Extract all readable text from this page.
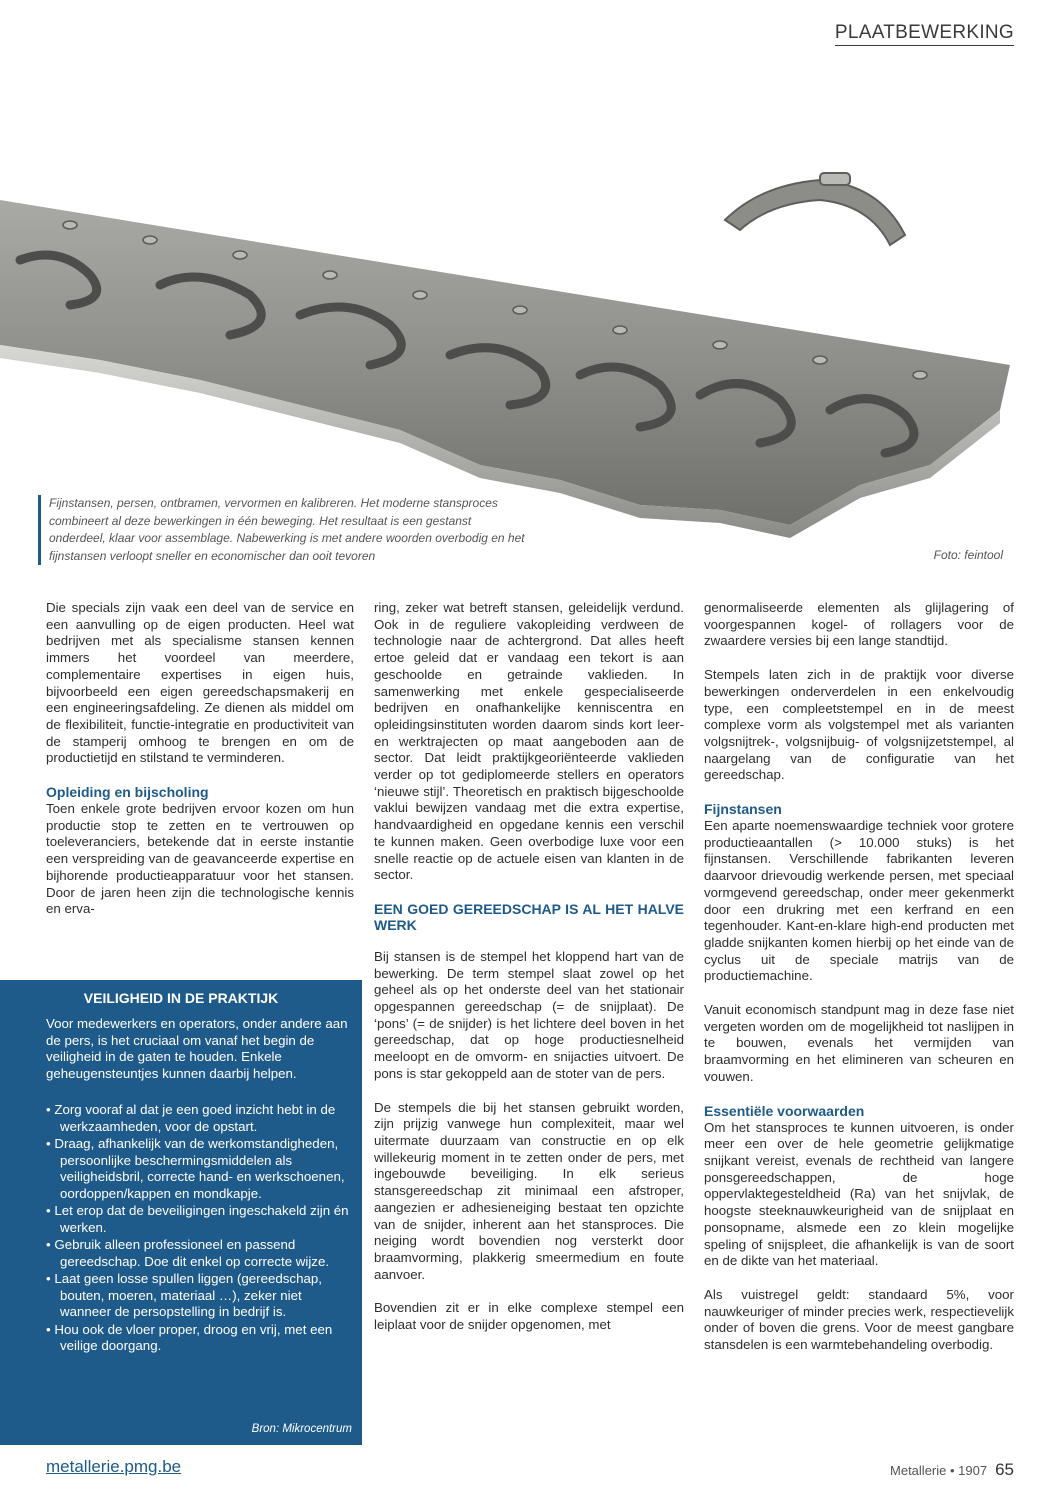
PLAATBEWERKING
Fijnstansen, persen, ontbramen, vervormen en kalibreren. Het moderne stansproces combineert al deze bewerkingen in één beweging. Het resultaat is een gestanst onderdeel, klaar voor assemblage. Nabewerking is met andere woorden overbodig en het fijnstansen verloopt sneller en economischer dan ooit tevoren	Foto: feintool

Die specials zijn vaak een deel van de service en een aanvulling op de eigen producten. Heel wat bedrijven met als specialisme stansen kennen immers het voordeel van meerdere, complementaire expertises in eigen huis, bijvoorbeeld een eigen gereedschapsmakerij en een engineeringsafdeling. Ze dienen als middel om de flexibiliteit, functie-integratie en productiviteit van de stamperij omhoog te brengen en om de productietijd en stilstand te verminderen.

Opleiding en bijscholing

Toen enkele grote bedrijven ervoor kozen om hun productie stop te zetten en te vertrouwen op toeleveranciers, betekende dat in eerste instantie een verspreiding van de geavanceerde expertise en bijhorende productieapparatuur voor het stansen. Door de jaren heen zijn die technologische kennis en erva-

VEILIGHEID IN DE PRAKTIJK
Voor medewerkers en operators, onder andere aan de pers, is het cruciaal om vanaf het begin de veiligheid in de gaten te houden. Enkele geheugensteuntjes kunnen daarbij helpen.
• Zorg vooraf al dat je een goed inzicht hebt in de werkzaamheden, voor de opstart.
• Draag, afhankelijk van de werkomstandigheden, persoonlijke beschermingsmiddelen als veiligheidsbril, correcte hand- en werkschoenen, oordoppen/kappen en mondkapje.
• Let erop dat de beveiligingen ingeschakeld zijn én werken.
• Gebruik alleen professioneel en passend gereedschap. Doe dit enkel op correcte wijze.
• Laat geen losse spullen liggen (gereedschap, bouten, moeren, materiaal …), zeker niet wanneer de persopstelling in bedrijf is.
• Hou ook de vloer proper, droog en vrij, met een veilige doorgang.
Bron: Mikrocentrum

ring, zeker wat betreft stansen, geleidelijk verdund. Ook in de reguliere vakopleiding verdween de technologie naar de achtergrond. Dat alles heeft ertoe geleid dat er vandaag een tekort is aan geschoolde en getrainde vaklieden. In samenwerking met enkele gespecialiseerde bedrijven en onafhankelijke kenniscentra en opleidingsinstituten worden daarom sinds kort leer- en werktrajecten op maat aangeboden aan de sector. Dat leidt praktijkgeoriënteerde vaklieden verder op tot gediplomeerde stellers en operators ‘nieuwe stijl’. Theoretisch en praktisch bijgeschoolde vaklui bewijzen vandaag met die extra expertise, handvaardigheid en opgedane kennis een verschil te kunnen maken. Geen overbodige luxe voor een snelle reactie op de actuele eisen van klanten in de sector.

EEN GOED GEREEDSCHAP IS AL HET HALVE WERK

Bij stansen is de stempel het kloppend hart van de bewerking. De term stempel slaat zowel op het geheel als op het onderste deel van het stationair opgespannen gereedschap (= de snijplaat). De ‘pons’ (= de snijder) is het lichtere deel boven in het gereedschap, dat op hoge productiesnelheid meeloopt en de omvorm- en snijacties uitvoert. De pons is star gekoppeld aan de stoter van de pers.

De stempels die bij het stansen gebruikt worden, zijn prijzig vanwege hun complexiteit, maar wel uitermate duurzaam van constructie en op elk willekeurig moment in te zetten onder de pers, met ingebouwde beveiliging. In elk serieus stansgereedschap zit minimaal een afstroper, aangezien er adhesieneiging bestaat ten opzichte van de snijder, inherent aan het stansproces. Die neiging wordt bovendien nog versterkt door braamvorming, plakkerig smeermedium en foute aanvoer.

Bovendien zit er in elke complexe stempel een leiplaat voor de snijder opgenomen, met

genormaliseerde elementen als glijlagering of voorgespannen kogel- of rollagers voor de zwaardere versies bij een lange standtijd.

Stempels laten zich in de praktijk voor diverse bewerkingen onderverdelen in een enkelvoudig type, een compleetstempel en in de meest complexe vorm als volgstempel met als varianten volgsnijtrek-, volgsnijbuig- of volgsnijzetstempel, al naargelang van de configuratie van het gereedschap.

Fijnstansen

Een aparte noemenswaardige techniek voor grotere productieaantallen (> 10.000 stuks) is het fijnstansen. Verschillende fabrikanten leveren daarvoor drievoudig werkende persen, met speciaal vormgevend gereedschap, onder meer gekenmerkt door een drukring met een kerfrand en een tegenhouder. Kant-en-klare high-end producten met gladde snijkanten komen hierbij op het einde van de cyclus uit de speciale matrijs van de productiemachine.

Vanuit economisch standpunt mag in deze fase niet vergeten worden om de mogelijkheid tot naslijpen in te bouwen, evenals het vermijden van braamvorming en het elimineren van scheuren en vouwen.

Essentiële voorwaarden

Om het stansproces te kunnen uitvoeren, is onder meer een over de hele geometrie gelijkmatige snijkant vereist, evenals de rechtheid van langere ponsgereedschappen, de hoge oppervlaktegesteldheid (Ra) van het snijvlak, de hoogste steeknauwkeurigheid van de snijplaat en ponsopname, alsmede een zo klein mogelijke speling of snijspleet, die afhankelijk is van de soort en de dikte van het materiaal.

Als vuistregel geldt: standaard 5%, voor nauwkeuriger of minder precies werk, respectievelijk onder of boven die grens. Voor de meest gangbare stansdelen is een warmtebehandeling overbodig.

metallerie.pmg.be	Metallerie • 1907 65
